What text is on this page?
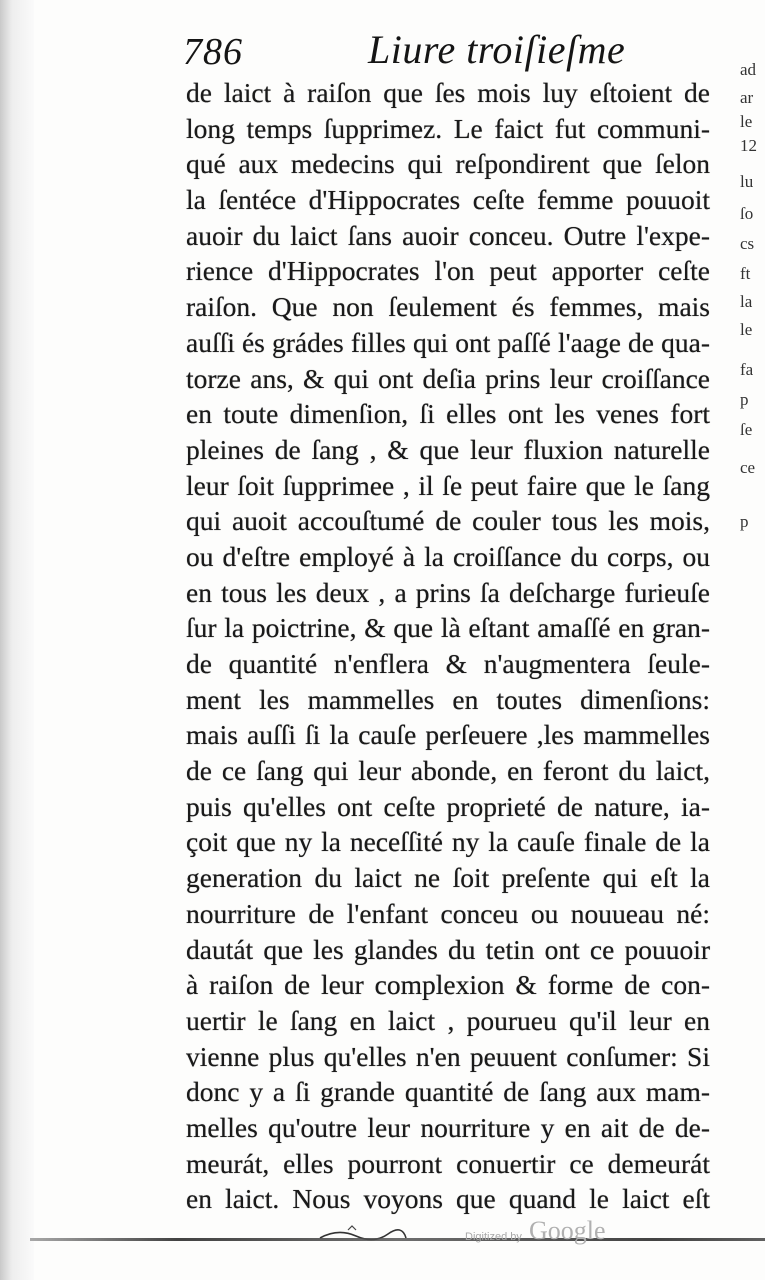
786	Liure troiſieſme
de laict à raiſon que ſes mois luy eſtoient de
long temps ſupprimez. Le faict fut communi-
qué aux medecins qui reſpondirent que ſelon
la ſentéce d'Hippocrates ceſte femme pouuoit
auoir du laict ſans auoir conceu. Outre l'expe-
rience d'Hippocrates l'on peut apporter ceſte
raiſon. Que non ſeulement és femmes, mais
auſſi és grádes filles qui ont paſſé l'aage de qua-
torze ans, & qui ont deſia prins leur croiſſance
en toute dimenſion, ſi elles ont les venes fort
pleines de ſang , & que leur fluxion naturelle
leur ſoit ſupprimee , il ſe peut faire que le ſang
qui auoit accouſtumé de couler tous les mois,
ou d'eſtre employé à la croiſſance du corps, ou
en tous les deux , a prins ſa deſcharge furieuſe
ſur la poictrine, & que là eſtant amaſſé en gran-
de quantité n'enflera & n'augmentera ſeule-
ment les mammelles en toutes dimenſions:
mais auſſi ſi la cauſe perſeuere ,les mammelles
de ce ſang qui leur abonde, en feront du laict,
puis qu'elles ont ceſte proprieté de nature, ia-
çoit que ny la neceſſité ny la cauſe finale de la
generation du laict ne ſoit preſente qui eſt la
nourriture de l'enfant conceu ou nouueau né:
dautát que les glandes du tetin ont ce pouuoir
à raiſon de leur complexion & forme de con-
uertir le ſang en laict , pourueu qu'il leur en
vienne plus qu'elles n'en peuuent conſumer: Si
donc y a ſi grande quantité de ſang aux mam-
melles qu'outre leur nourriture y en ait de de-
meurát, elles pourront conuertir ce demeurát
en laict. Nous voyons que quand le laict eſt
ad
ar
le
12
lu
ſo
cs
ft
la
le
fa
p
ſe
ce
p
Digitized by Google
